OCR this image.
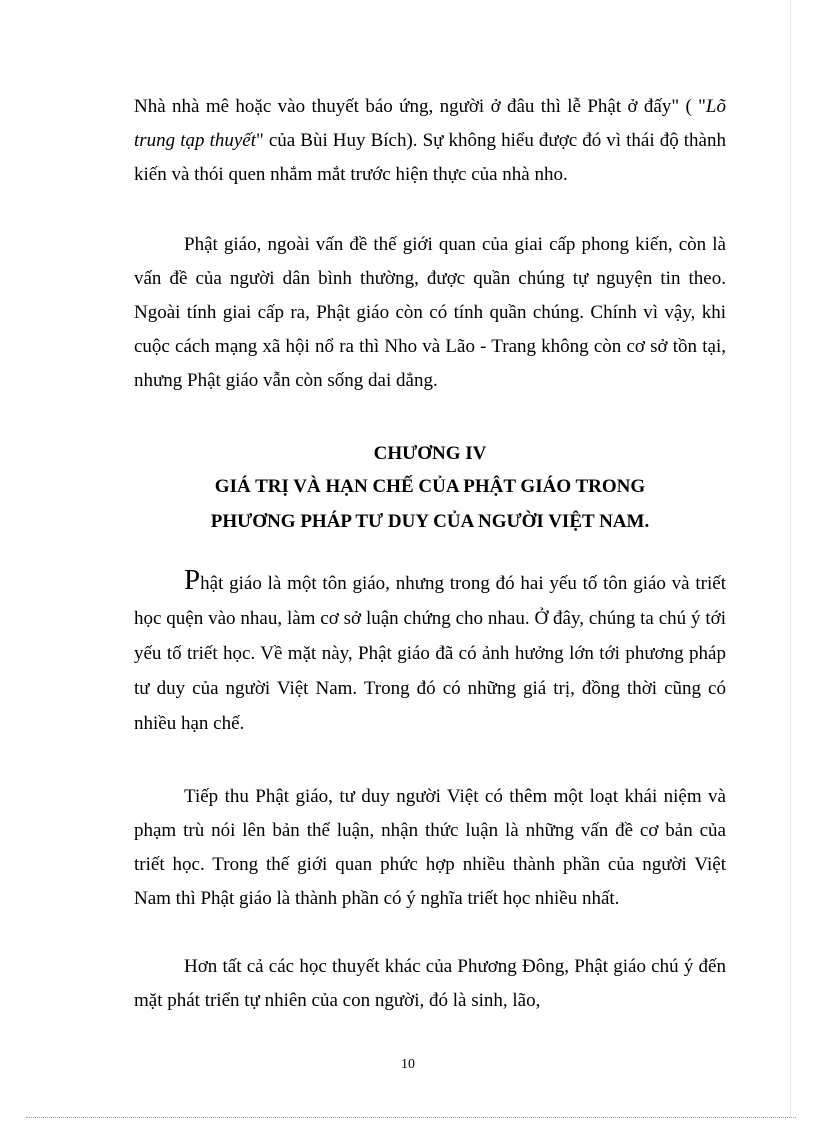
Nhà nhà mê hoặc vào thuyết báo ứng, người ở đâu thì lễ Phật ở đấy" ( "Lõ trung tạp thuyết" của Bùi Huy Bích). Sự không hiểu được đó vì thái độ thành kiến và thói quen nhắm mắt trước hiện thực của nhà nho.

Phật giáo, ngoài vấn đề thế giới quan của giai cấp phong kiến, còn là vấn đề của người dân bình thường, được quần chúng tự nguyện tin theo. Ngoài tính giai cấp ra, Phật giáo còn có tính quần chúng. Chính vì vậy, khi cuộc cách mạng xã hội nổ ra thì Nho và Lão - Trang không còn cơ sở tồn tại, nhưng Phật giáo vẫn còn sống dai dẳng.

CHƯƠNG IV
GIÁ TRỊ VÀ HẠN CHẾ CỦA PHẬT GIÁO TRONG
PHƯƠNG PHÁP TƯ DUY CỦA NGƯỜI VIỆT NAM.

Phật giáo là một tôn giáo, nhưng trong đó hai yếu tố tôn giáo và triết học quện vào nhau, làm cơ sở luận chứng cho nhau. Ở đây, chúng ta chú ý tới yếu tố triết học. Về mặt này, Phật giáo đã có ảnh hưởng lớn tới phương pháp tư duy của người Việt Nam. Trong đó có những giá trị, đồng thời cũng có nhiều hạn chế.

Tiếp thu Phật giáo, tư duy người Việt có thêm một loạt khái niệm và phạm trù nói lên bản thể luận, nhận thức luận là những vấn đề cơ bản của triết học. Trong thế giới quan phức hợp nhiều thành phần của người Việt Nam thì Phật giáo là thành phần có ý nghĩa triết học nhiều nhất.

Hơn tất cả các học thuyết khác của Phương Đông, Phật giáo chú ý đến mặt phát triển tự nhiên của con người, đó là sinh, lão,

10
